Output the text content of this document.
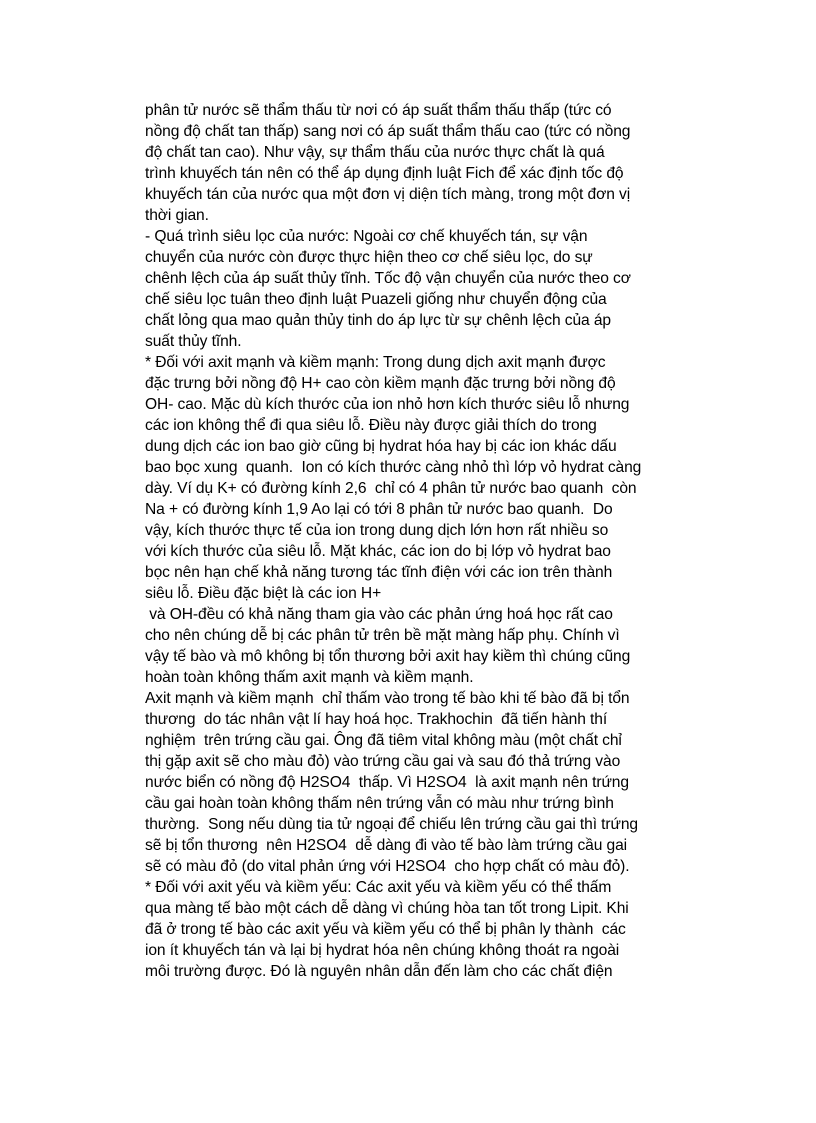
phân tử nước sẽ thẩm thấu từ nơi có áp suất thẩm thấu thấp (tức có
nồng độ chất tan thấp) sang nơi có áp suất thẩm thấu cao (tức có nồng
độ chất tan cao). Như vậy, sự thẩm thấu của nước thực chất là quá
trình khuyếch tán nên có thể áp dụng định luật Fich để xác định tốc độ
khuyếch tán của nước qua một đơn vị diện tích màng, trong một đơn vị
thời gian.
- Quá trình siêu lọc của nước: Ngoài cơ chế khuyếch tán, sự vận
chuyển của nước còn được thực hiện theo cơ chế siêu lọc, do sự
chênh lệch của áp suất thủy tĩnh. Tốc độ vận chuyển của nước theo cơ
chế siêu lọc tuân theo định luật Puazeli giống như chuyển động của
chất lỏng qua mao quản thủy tinh do áp lực từ sự chênh lệch của áp
suất thủy tĩnh.
* Đối với axit mạnh và kiềm mạnh: Trong dung dịch axit mạnh được
đặc trưng bởi nồng độ H+ cao còn kiềm mạnh đặc trưng bởi nồng độ
OH- cao. Mặc dù kích thước của ion nhỏ hơn kích thước siêu lỗ nhưng
các ion không thể đi qua siêu lỗ. Điều này được giải thích do trong
dung dịch các ion bao giờ cũng bị hydrat hóa hay bị các ion khác dấu
bao bọc xung  quanh.  Ion có kích thước càng nhỏ thì lớp vỏ hydrat càng
dày. Ví dụ K+ có đường kính 2,6  chỉ có 4 phân tử nước bao quanh  còn
Na + có đường kính 1,9 Ao lại có tới 8 phân tử nước bao quanh.  Do
vậy, kích thước thực tế của ion trong dung dịch lớn hơn rất nhiều so
với kích thước của siêu lỗ. Mặt khác, các ion do bị lớp vỏ hydrat bao
bọc nên hạn chế khả năng tương tác tĩnh điện với các ion trên thành
siêu lỗ. Điều đặc biệt là các ion H+
và OH-đều có khả năng tham gia vào các phản ứng hoá học rất cao
cho nên chúng dễ bị các phân tử trên bề mặt màng hấp phụ. Chính vì
vậy tế bào và mô không bị tổn thương bởi axit hay kiềm thì chúng cũng
hoàn toàn không thấm axit mạnh và kiềm mạnh.
Axit mạnh và kiềm mạnh  chỉ thấm vào trong tế bào khi tế bào đã bị tổn
thương  do tác nhân vật lí hay hoá học. Trakhochin  đã tiến hành thí
nghiệm  trên trứng cầu gai. Ông đã tiêm vital không màu (một chất chỉ
thị gặp axit sẽ cho màu đỏ) vào trứng cầu gai và sau đó thả trứng vào
nước biển có nồng độ H2SO4  thấp. Vì H2SO4  là axit mạnh nên trứng
cầu gai hoàn toàn không thấm nên trứng vẫn có màu như trứng bình
thường.  Song nếu dùng tia tử ngoại để chiếu lên trứng cầu gai thì trứng
sẽ bị tổn thương  nên H2SO4  dễ dàng đi vào tế bào làm trứng cầu gai
sẽ có màu đỏ (do vital phản ứng với H2SO4  cho hợp chất có màu đỏ).
* Đối với axit yếu và kiềm yếu: Các axit yếu và kiềm yếu có thể thấm
qua màng tế bào một cách dễ dàng vì chúng hòa tan tốt trong Lipit. Khi
đã ở trong tế bào các axit yếu và kiềm yếu có thể bị phân ly thành  các
ion ít khuyếch tán và lại bị hydrat hóa nên chúng không thoát ra ngoài
môi trường được. Đó là nguyên nhân dẫn đến làm cho các chất điện
